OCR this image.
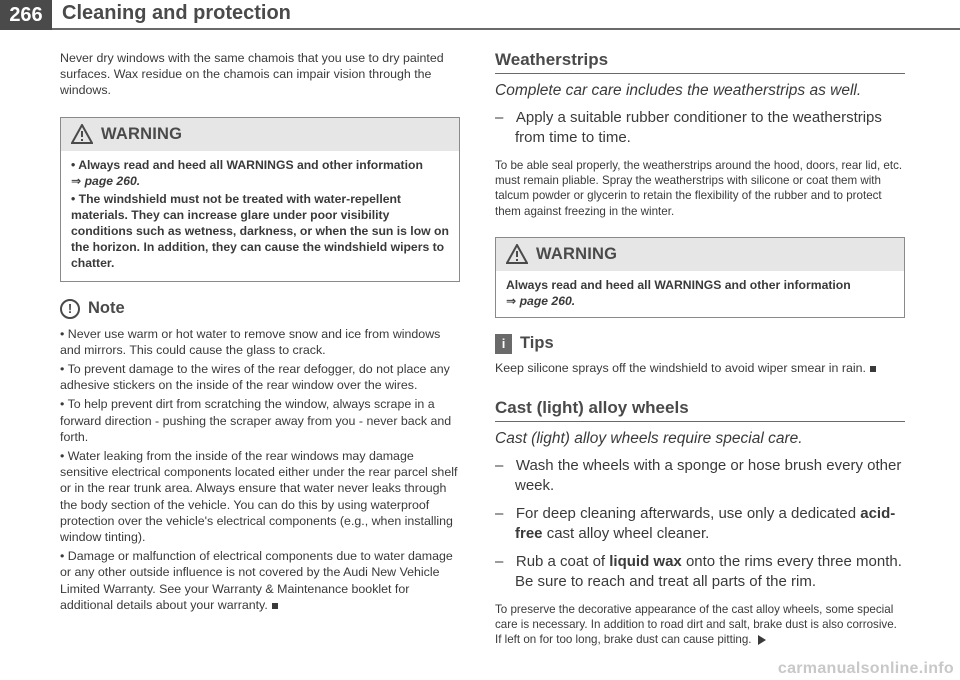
266 Cleaning and protection

Never dry windows with the same chamois that you use to dry painted surfaces. Wax residue on the chamois can impair vision through the windows.

WARNING
• Always read and heed all WARNINGS and other information
⇒ page 260.
• The windshield must not be treated with water-repellent materials. They can increase glare under poor visibility conditions such as wetness, darkness, or when the sun is low on the horizon. In addition, they can cause the windshield wipers to chatter.
! Note
• Never use warm or hot water to remove snow and ice from windows and mirrors. This could cause the glass to crack.
• To prevent damage to the wires of the rear defogger, do not place any adhesive stickers on the inside of the rear window over the wires.
• To help prevent dirt from scratching the window, always scrape in a forward direction - pushing the scraper away from you - never back and forth.
• Water leaking from the inside of the rear windows may damage sensitive electrical components located either under the rear parcel shelf or in the rear trunk area. Always ensure that water never leaks through the body section of the vehicle. You can do this by using waterproof protection over the vehicle's electrical components (e.g., when installing window tinting).
• Damage or malfunction of electrical components due to water damage or any other outside influence is not covered by the Audi New Vehicle Limited Warranty. See your Warranty & Maintenance booklet for additional details about your warranty.
Weatherstrips
Complete car care includes the weatherstrips as well.
–   Apply a suitable rubber conditioner to the weatherstrips from time to time.

To be able seal properly, the weatherstrips around the hood, doors, rear lid, etc. must remain pliable. Spray the weatherstrips with silicone or coat them with talcum powder or glycerin to retain the flexibility of the rubber and to protect them against freezing in the winter.

WARNING
Always read and heed all WARNINGS and other information
⇒ page 260.
i Tips

Keep silicone sprays off the windshield to avoid wiper smear in rain.

Cast (light) alloy wheels
Cast (light) alloy wheels require special care.
–   Wash the wheels with a sponge or hose brush every other week.
–   For deep cleaning afterwards, use only a dedicated acid-free cast alloy wheel cleaner.
–   Rub a coat of liquid wax onto the rims every three month. Be sure to reach and treat all parts of the rim.

To preserve the decorative appearance of the cast alloy wheels, some special care is necessary. In addition to road dirt and salt, brake dust is also corrosive. If left on for too long, brake dust can cause pitting.

carmanualsonline.info
